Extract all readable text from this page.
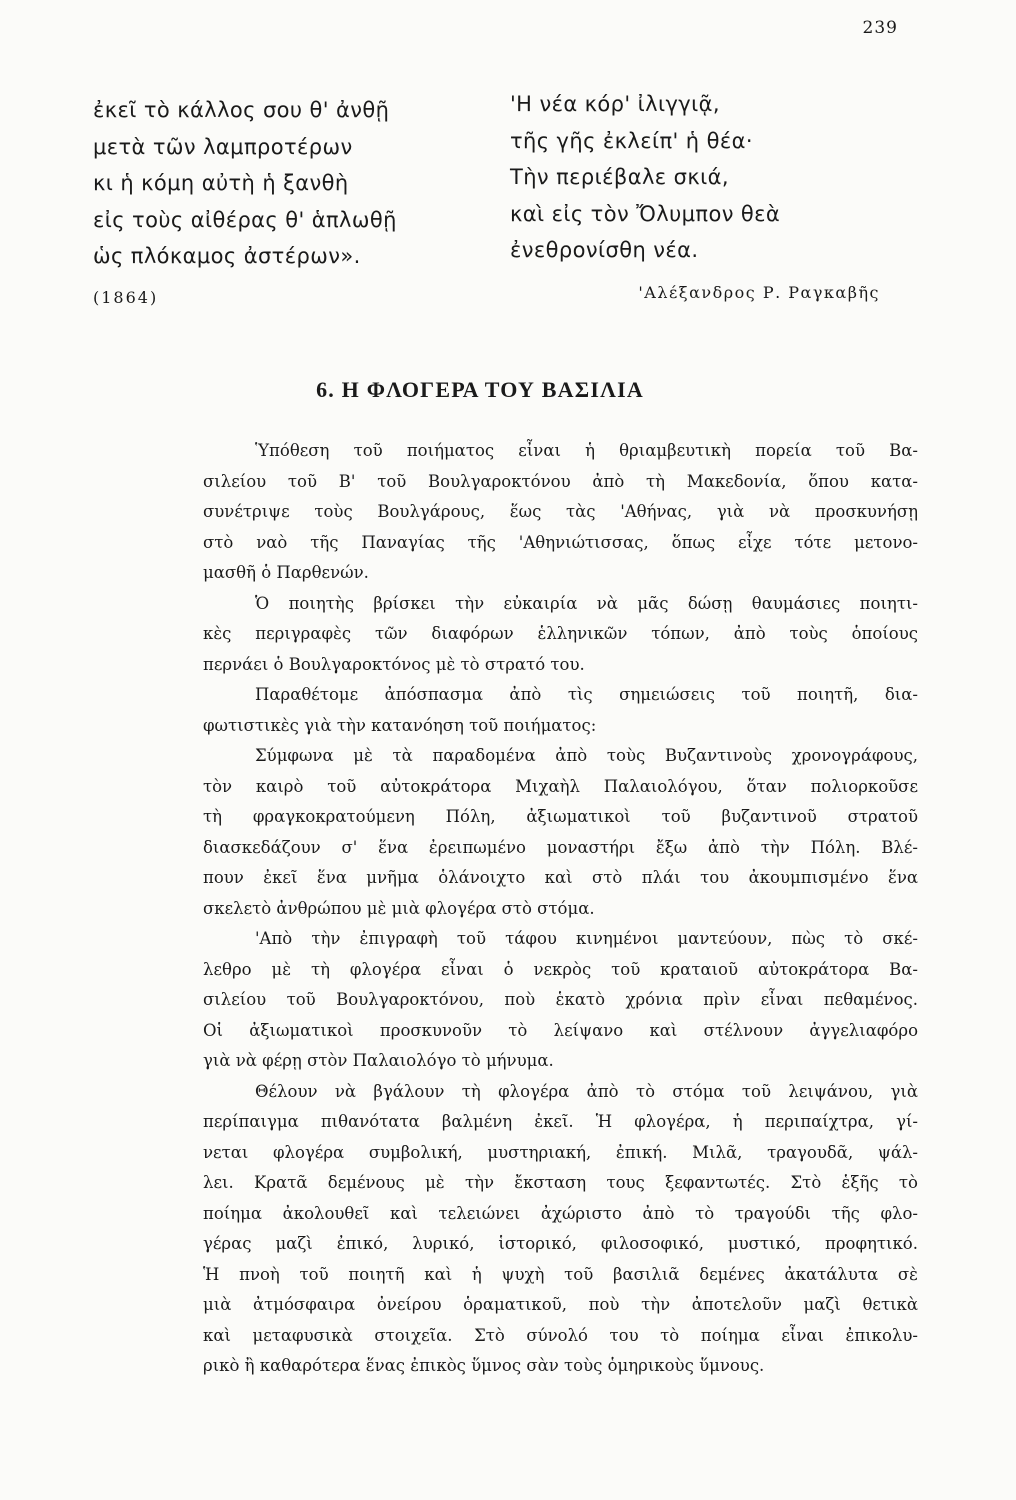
239
ἐκεῖ τὸ κάλλος σου θ' ἀνθῇ
μετὰ τῶν λαμπροτέρων
κι ἡ κόμη αὐτὴ ἡ ξανθὴ
εἰς τοὺς αἰθέρας θ' ἁπλωθῇ
ὡς πλόκαμος ἀστέρων».
'Η νέα κόρ' ἰλιγγιᾷ,
τῆς γῆς ἐκλείπ' ἡ θέα·
Τὴν περιέβαλε σκιά,
καὶ εἰς τὸν Ὄλυμπον θεὰ
ἐνεθρονίσθη νέα.
(1864)	'Αλέξανδρος Ρ. Ραγκαβῆς
6. Η ΦΛΟΓΕΡΑ ΤΟΥ ΒΑΣΙΛΙΑ
Ὑπόθεση τοῦ ποιήματος εἶναι ἡ θριαμβευτικὴ πορεία τοῦ Βα-
σιλείου τοῦ Β' τοῦ Βουλγαροκτόνου ἀπὸ τὴ Μακεδονία, ὅπου κατα-
συνέτριψε τοὺς Βουλγάρους, ἕως τὰς 'Αθήνας, γιὰ νὰ προσκυνήσῃ
στὸ ναὸ τῆς Παναγίας τῆς 'Αθηνιώτισσας, ὅπως εἶχε τότε μετονο-
μασθῆ ὁ Παρθενών.
Ὁ ποιητὴς βρίσκει τὴν εὐκαιρία νὰ μᾶς δώσῃ θαυμάσιες ποιητι-
κὲς περιγραφὲς τῶν διαφόρων ἑλληνικῶν τόπων, ἀπὸ τοὺς ὁποίους
περνάει ὁ Βουλγαροκτόνος μὲ τὸ στρατό του.
Παραθέτομε ἀπόσπασμα ἀπὸ τὶς σημειώσεις τοῦ ποιητῆ, δια-
φωτιστικὲς γιὰ τὴν κατανόηση τοῦ ποιήματος:
Σύμφωνα μὲ τὰ παραδομένα ἀπὸ τοὺς Βυζαντινοὺς χρονογράφους,
τὸν καιρὸ τοῦ αὐτοκράτορα Μιχαὴλ Παλαιολόγου, ὅταν πολιορκοῦσε
τὴ φραγκοκρατούμενη Πόλη, ἀξιωματικοὶ τοῦ βυζαντινοῦ στρατοῦ
διασκεδάζουν σ' ἕνα ἐρειπωμένο μοναστήρι ἔξω ἀπὸ τὴν Πόλη. Βλέ-
πουν ἐκεῖ ἕνα μνῆμα ὁλάνοιχτο καὶ στὸ πλάι του ἀκουμπισμένο ἕνα
σκελετὸ ἀνθρώπου μὲ μιὰ φλογέρα στὸ στόμα.
'Απὸ τὴν ἐπιγραφὴ τοῦ τάφου κινημένοι μαντεύουν, πὼς τὸ σκέ-
λεθρο μὲ τὴ φλογέρα εἶναι ὁ νεκρὸς τοῦ κραταιοῦ αὐτοκράτορα Βα-
σιλείου τοῦ Βουλγαροκτόνου, ποὺ ἑκατὸ χρόνια πρὶν εἶναι πεθαμένος.
Οἱ ἀξιωματικοὶ προσκυνοῦν τὸ λείψανο καὶ στέλνουν ἀγγελιαφόρο
γιὰ νὰ φέρῃ στὸν Παλαιολόγο τὸ μήνυμα.
Θέλουν νὰ βγάλουν τὴ φλογέρα ἀπὸ τὸ στόμα τοῦ λειψάνου, γιὰ
περίπαιγμα πιθανότατα βαλμένη ἐκεῖ. Ἡ φλογέρα, ἡ περιπαίχτρα, γί-
νεται φλογέρα συμβολική, μυστηριακή, ἐπική. Μιλᾶ, τραγουδᾶ, ψάλ-
λει. Κρατᾶ δεμένους μὲ τὴν ἔκσταση τους ξεφαντωτές. Στὸ ἑξῆς τὸ
ποίημα ἀκολουθεῖ καὶ τελειώνει ἀχώριστο ἀπὸ τὸ τραγούδι τῆς φλο-
γέρας μαζὶ ἐπικό, λυρικό, ἱστορικό, φιλοσοφικό, μυστικό, προφητικό.
Ἡ πνοὴ τοῦ ποιητῆ καὶ ἡ ψυχὴ τοῦ βασιλιᾶ δεμένες ἀκατάλυτα σὲ
μιὰ ἀτμόσφαιρα ὀνείρου ὁραματικοῦ, ποὺ τὴν ἀποτελοῦν μαζὶ θετικὰ
καὶ μεταφυσικὰ στοιχεῖα. Στὸ σύνολό του τὸ ποίημα εἶναι ἐπικολυ-
ρικὸ ἢ καθαρότερα ἕνας ἐπικὸς ὕμνος σὰν τοὺς ὁμηρικοὺς ὕμνους.
